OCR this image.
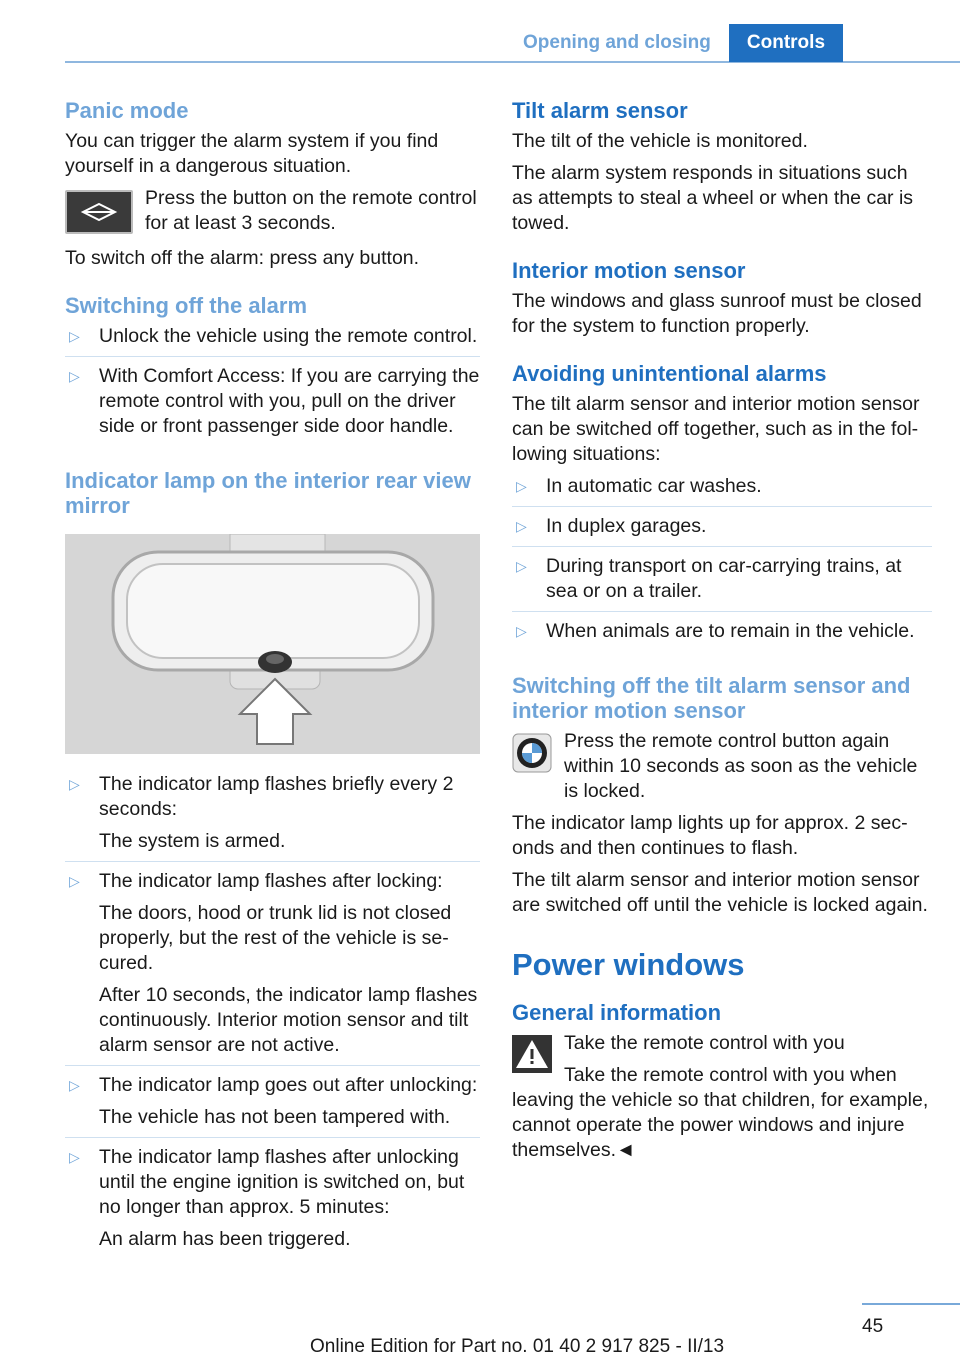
Opening and closing	Controls
Panic mode

You can trigger the alarm system if you find yourself in a dangerous situation.

Press the button on the remote control for at least 3 seconds.

To switch off the alarm: press any button.

Switching off the alarm
▷ Unlock the vehicle using the remote control.
▷ With Comfort Access: If you are carrying the remote control with you, pull on the driver side or front passenger side door handle.
Indicator lamp on the interior rear view mirror
▷ The indicator lamp flashes briefly every 2 seconds:
The system is armed.
▷ The indicator lamp flashes after locking:
The doors, hood or trunk lid is not closed properly, but the rest of the vehicle is se-cured.
After 10 seconds, the indicator lamp flashes continuously. Interior motion sensor and tilt alarm sensor are not active.
▷ The indicator lamp goes out after unlocking:
The vehicle has not been tampered with.
▷ The indicator lamp flashes after unlocking until the engine ignition is switched on, but no longer than approx. 5 minutes:
An alarm has been triggered.
Tilt alarm sensor

The tilt of the vehicle is monitored.

The alarm system responds in situations such as attempts to steal a wheel or when the car is towed.

Interior motion sensor

The windows and glass sunroof must be closed for the system to function properly.

Avoiding unintentional alarms

The tilt alarm sensor and interior motion sensor can be switched off together, such as in the fol-lowing situations:

▷ In automatic car washes.
▷ In duplex garages.
▷ During transport on car-carrying trains, at sea or on a trailer.
▷ When animals are to remain in the vehicle.
Switching off the tilt alarm sensor and interior motion sensor

Press the remote control button again within 10 seconds as soon as the vehicle is locked.

The indicator lamp lights up for approx. 2 sec-onds and then continues to flash.

The tilt alarm sensor and interior motion sensor are switched off until the vehicle is locked again.

Power windows
General information

Take the remote control with you

Take the remote control with you when leaving the vehicle so that children, for example, cannot operate the power windows and injure themselves.◄

45
Online Edition for Part no. 01 40 2 917 825 - II/13
